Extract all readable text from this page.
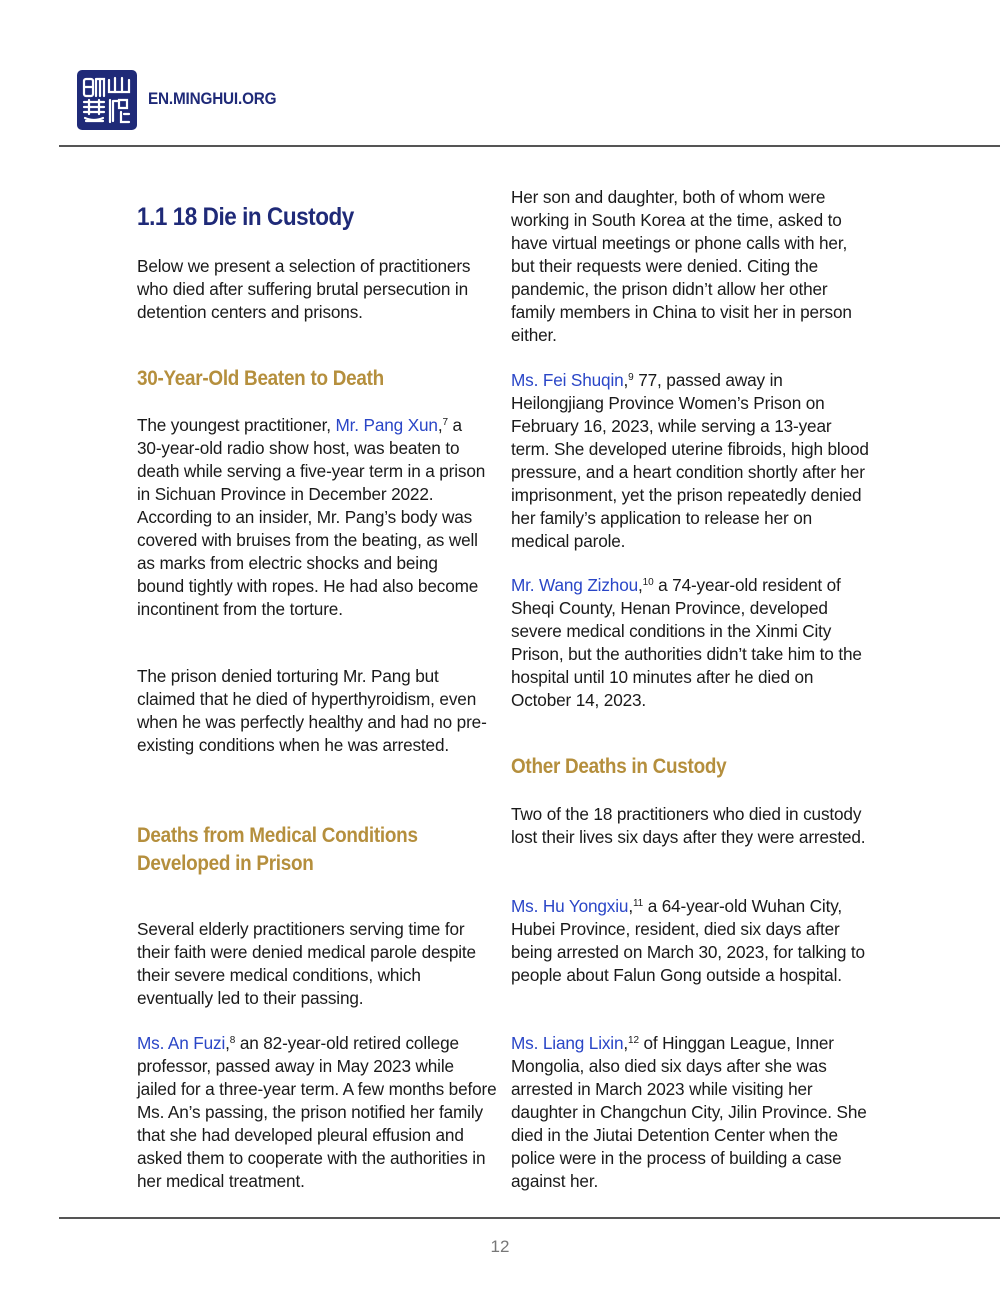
EN.MINGHUI.ORG
1.1 18 Die in Custody

Below we present a selection of practitioners who died after suffering brutal persecution in detention centers and prisons.

30-Year-Old Beaten to Death

The youngest practitioner, Mr. Pang Xun,$^7$ a 30-year-old radio show host, was beaten to death while serving a five-year term in a prison in Sichuan Province in December 2022. According to an insider, Mr. Pang’s body was covered with bruises from the beating, as well as marks from electric shocks and being bound tightly with ropes. He had also become incontinent from the torture.

The prison denied torturing Mr. Pang but claimed that he died of hyperthyroidism, even when he was perfectly healthy and had no pre-existing conditions when he was arrested.

Deaths from Medical Conditions
Developed in Prison

Several elderly practitioners serving time for their faith were denied medical parole despite their severe medical conditions, which eventually led to their passing.

Ms. An Fuzi,$^8$ an 82-year-old retired college professor, passed away in May 2023 while jailed for a three-year term. A few months before Ms. An’s passing, the prison notified her family that she had developed pleural effusion and asked them to cooperate with the authorities in her medical treatment.

Her son and daughter, both of whom were working in South Korea at the time, asked to have virtual meetings or phone calls with her, but their requests were denied. Citing the pandemic, the prison didn’t allow her other family members in China to visit her in person either.

Ms. Fei Shuqin,$^9$ 77, passed away in Heilongjiang Province Women’s Prison on February 16, 2023, while serving a 13-year term. She developed uterine fibroids, high blood pressure, and a heart condition shortly after her imprisonment, yet the prison repeatedly denied her family’s application to release her on medical parole.

Mr. Wang Zizhou,$^{10}$ a 74-year-old resident of Sheqi County, Henan Province, developed severe medical conditions in the Xinmi City Prison, but the authorities didn’t take him to the hospital until 10 minutes after he died on October 14, 2023.

Other Deaths in Custody

Two of the 18 practitioners who died in custody lost their lives six days after they were arrested.

Ms. Hu Yongxiu,$^{11}$ a 64-year-old Wuhan City, Hubei Province, resident, died six days after being arrested on March 30, 2023, for talking to people about Falun Gong outside a hospital.

Ms. Liang Lixin,$^{12}$ of Hinggan League, Inner Mongolia, also died six days after she was arrested in March 2023 while visiting her daughter in Changchun City, Jilin Province. She died in the Jiutai Detention Center when the police were in the process of building a case against her.

12
